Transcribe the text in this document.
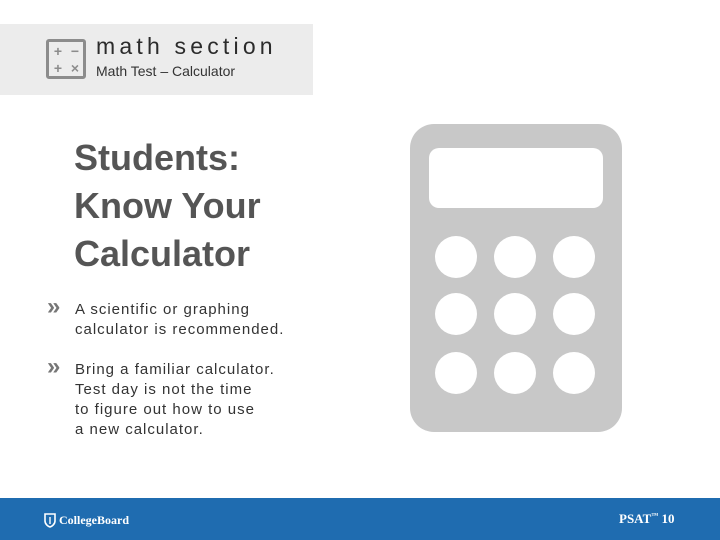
+ −
+ ×
math section
Math Test – Calculator
Students:
Know Your
Calculator
» A scientific or graphing
calculator is recommended.
» Bring a familiar calculator.
Test day is not the time
to figure out how to use
a new calculator.
CollegeBoard	PSAT™ 10
